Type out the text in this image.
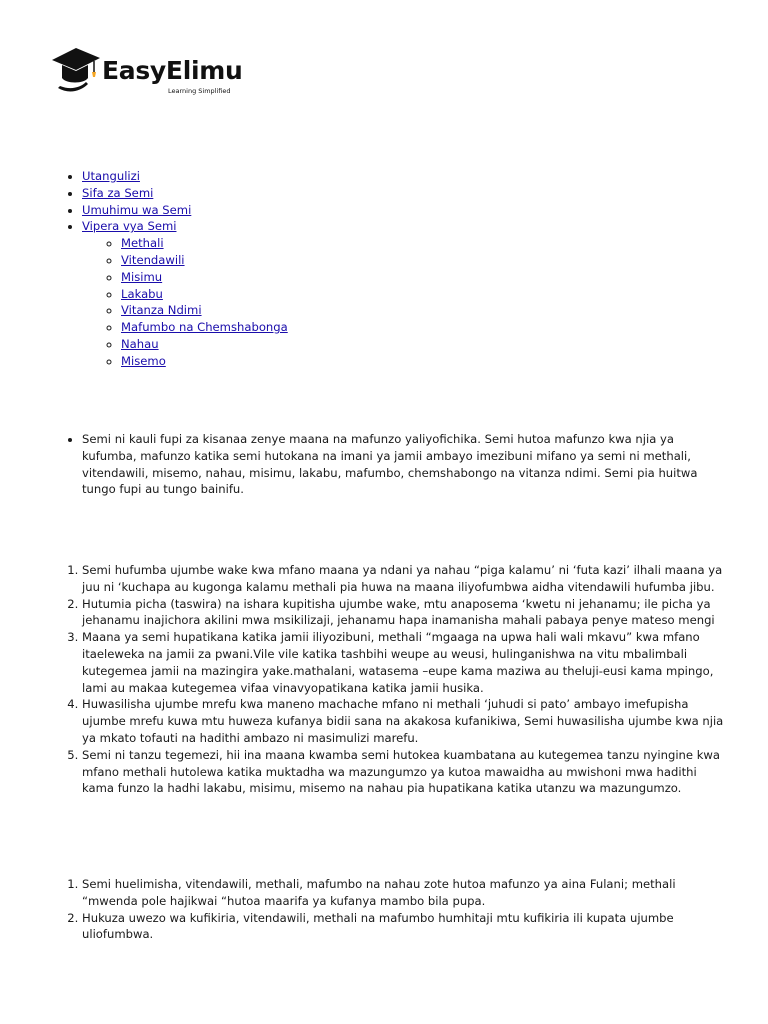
EasyElimu
Learning Simplified
• Utangulizi
• Sifa za Semi
• Umuhimu wa Semi
• Vipera vya Semi
◦ Methali
◦ Vitendawili
◦ Misimu
◦ Lakabu
◦ Vitanza Ndimi
◦ Mafumbo na Chemshabonga
◦ Nahau
◦ Misemo
• Semi ni kauli fupi za kisanaa zenye maana na mafunzo yaliyofichika. Semi hutoa mafunzo kwa njia ya kufumba, mafunzo katika semi hutokana na imani ya jamii ambayo imezibuni mifano ya semi ni methali, vitendawili, misemo, nahau, misimu, lakabu, mafumbo, chemshabongo na vitanza ndimi. Semi pia huitwa tungo fupi au tungo bainifu.
1. Semi hufumba ujumbe wake kwa mfano maana ya ndani ya nahau “piga kalamu’ ni ‘futa kazi’ ilhali maana ya juu ni ‘kuchapa au kugonga kalamu methali pia huwa na maana iliyofumbwa aidha vitendawili hufumba jibu.
2. Hutumia picha (taswira) na ishara kupitisha ujumbe wake, mtu anaposema ‘kwetu ni jehanamu; ile picha ya jehanamu inajichora akilini mwa msikilizaji, jehanamu hapa inamanisha mahali pabaya penye mateso mengi
3. Maana ya semi hupatikana katika jamii iliyozibuni, methali “mgaaga na upwa hali wali mkavu” kwa mfano itaeleweka na jamii za pwani.Vile vile katika tashbihi weupe au weusi, hulinganishwa na vitu mbalimbali kutegemea jamii na mazingira yake.mathalani, watasema –eupe kama maziwa au theluji-eusi kama mpingo, lami au makaa kutegemea vifaa vinavyopatikana katika jamii husika.
4. Huwasilisha ujumbe mrefu kwa maneno machache mfano ni methali ‘juhudi si pato’ ambayo imefupisha ujumbe mrefu kuwa mtu huweza kufanya bidii sana na akakosa kufanikiwa, Semi huwasilisha ujumbe kwa njia ya mkato tofauti na hadithi ambazo ni masimulizi marefu.
5. Semi ni tanzu tegemezi, hii ina maana kwamba semi hutokea kuambatana au kutegemea tanzu nyingine kwa mfano methali hutolewa katika muktadha wa mazungumzo ya kutoa mawaidha au mwishoni mwa hadithi kama funzo la hadhi lakabu, misimu, misemo na nahau pia hupatikana katika utanzu wa mazungumzo.
1. Semi huelimisha, vitendawili, methali, mafumbo na nahau zote hutoa mafunzo ya aina Fulani; methali “mwenda pole hajikwai “hutoa maarifa ya kufanya mambo bila pupa.
2. Hukuza uwezo wa kufikiria, vitendawili, methali na mafumbo humhitaji mtu kufikiria ili kupata ujumbe uliofumbwa.
